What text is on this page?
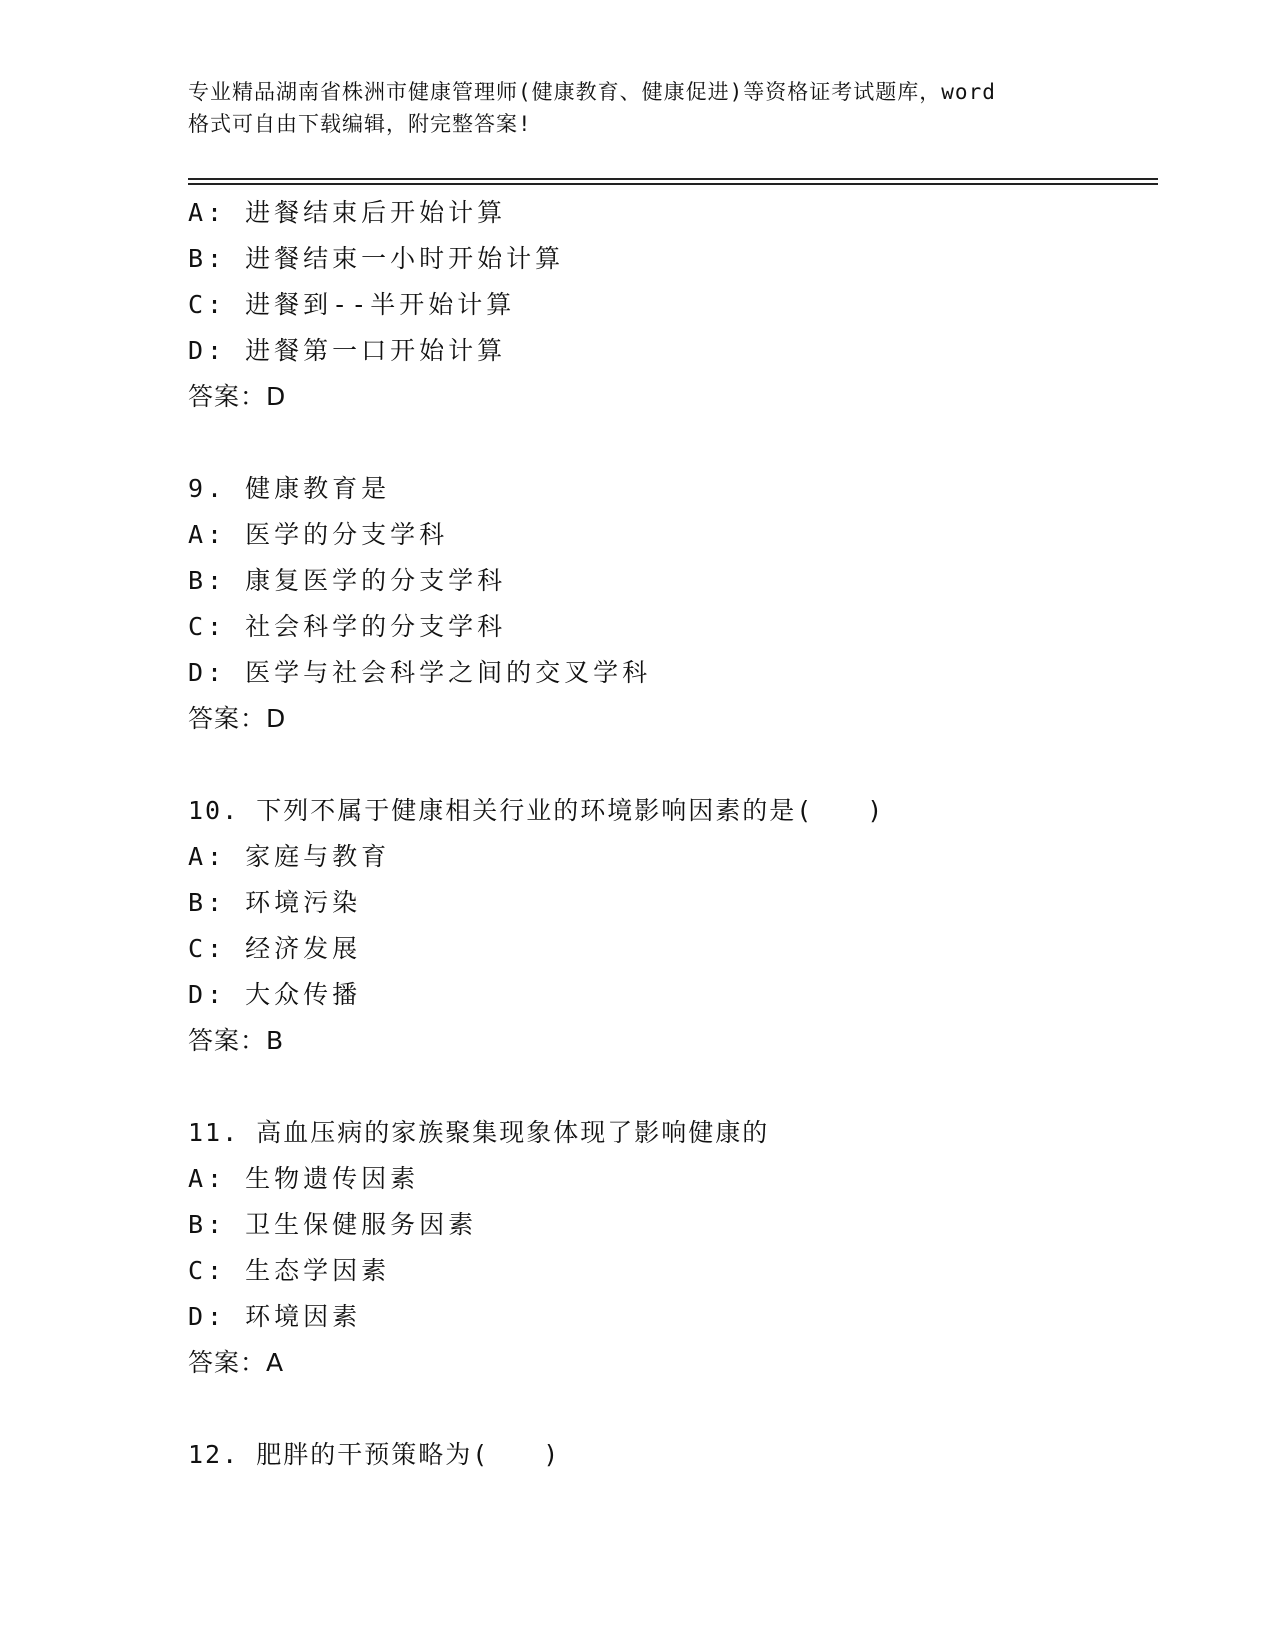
专业精品湖南省株洲市健康管理师(健康教育、健康促进)等资格证考试题库，word
格式可自由下载编辑，附完整答案!
A: 进餐结束后开始计算
B: 进餐结束一小时开始计算
C: 进餐到--半开始计算
D: 进餐第一口开始计算
答案：D
9. 健康教育是
A: 医学的分支学科
B: 康复医学的分支学科
C: 社会科学的分支学科
D: 医学与社会科学之间的交叉学科
答案：D
10. 下列不属于健康相关行业的环境影响因素的是(　　)
A: 家庭与教育
B: 环境污染
C: 经济发展
D: 大众传播
答案：B
11. 高血压病的家族聚集现象体现了影响健康的
A: 生物遗传因素
B: 卫生保健服务因素
C: 生态学因素
D: 环境因素
答案：A
12. 肥胖的干预策略为(　　)
